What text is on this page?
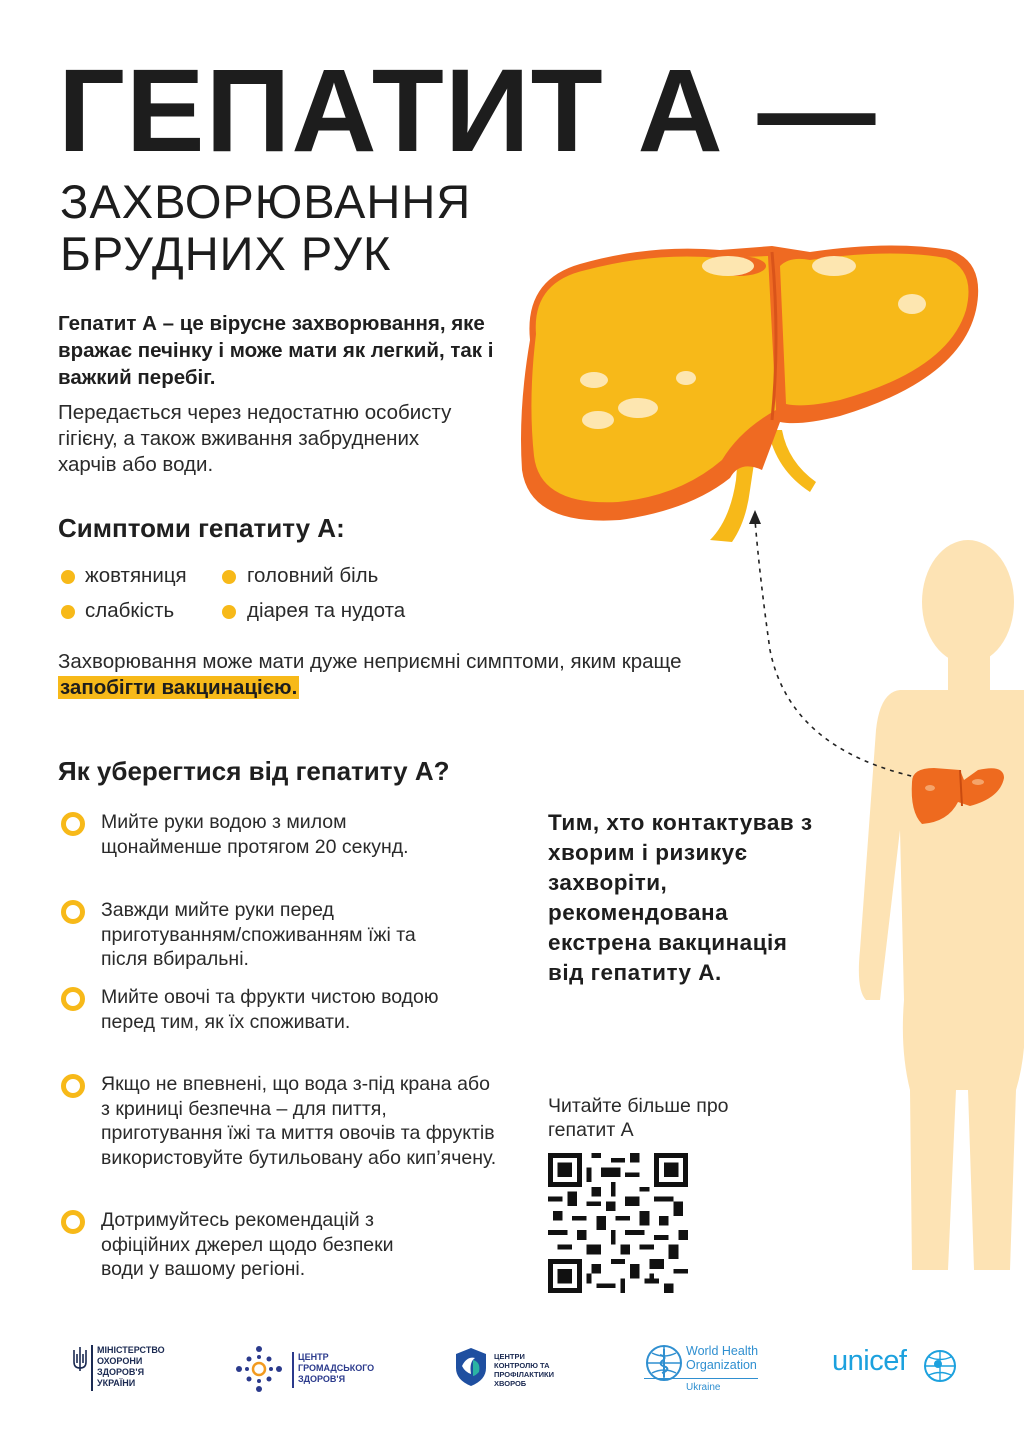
ГЕПАТИТ А —
ЗАХВОРЮВАННЯ
БРУДНИХ РУК
Гепатит А – це вірусне захворювання, яке вражає печінку і може мати як легкий, так і важкий перебіг.
Передається через недостатню особисту гігієну, а також вживання забруднених харчів або води.
Симптоми гепатиту А:
жовтяниця	головний біль
слабкість	діарея та нудота
Захворювання може мати дуже неприємні симптоми, яким краще запобігти вакцинацією.
Як уберегтися від гепатиту А?
Мийте руки водою з милом щонайменше протягом 20 секунд.
Завжди мийте руки перед приготуванням/споживанням їжі та після вбиральні.
Мийте овочі та фрукти чистою водою перед тим, як їх споживати.
Якщо не впевнені, що вода з-під крана або з криниці безпечна – для пиття, приготування їжі та миття овочів та фруктів використовуйте бутильовану або кип’ячену.
Дотримуйтесь рекомендацій з офіційних джерел щодо безпеки води у вашому регіоні.
Тим, хто контактував з хворим і ризикує захворіти, рекомендована екстрена вакцинація від гепатиту А.
Читайте більше про гепатит А
МІНІСТЕРСТВО ОХОРОНИ ЗДОРОВ'Я УКРАЇНИ
ЦЕНТР ГРОМАДСЬКОГО ЗДОРОВ'Я
ЦЕНТРИ КОНТРОЛЮ ТА ПРОФІЛАКТИКИ ХВОРОБ
World Health
Organization
Ukraine
unicef
